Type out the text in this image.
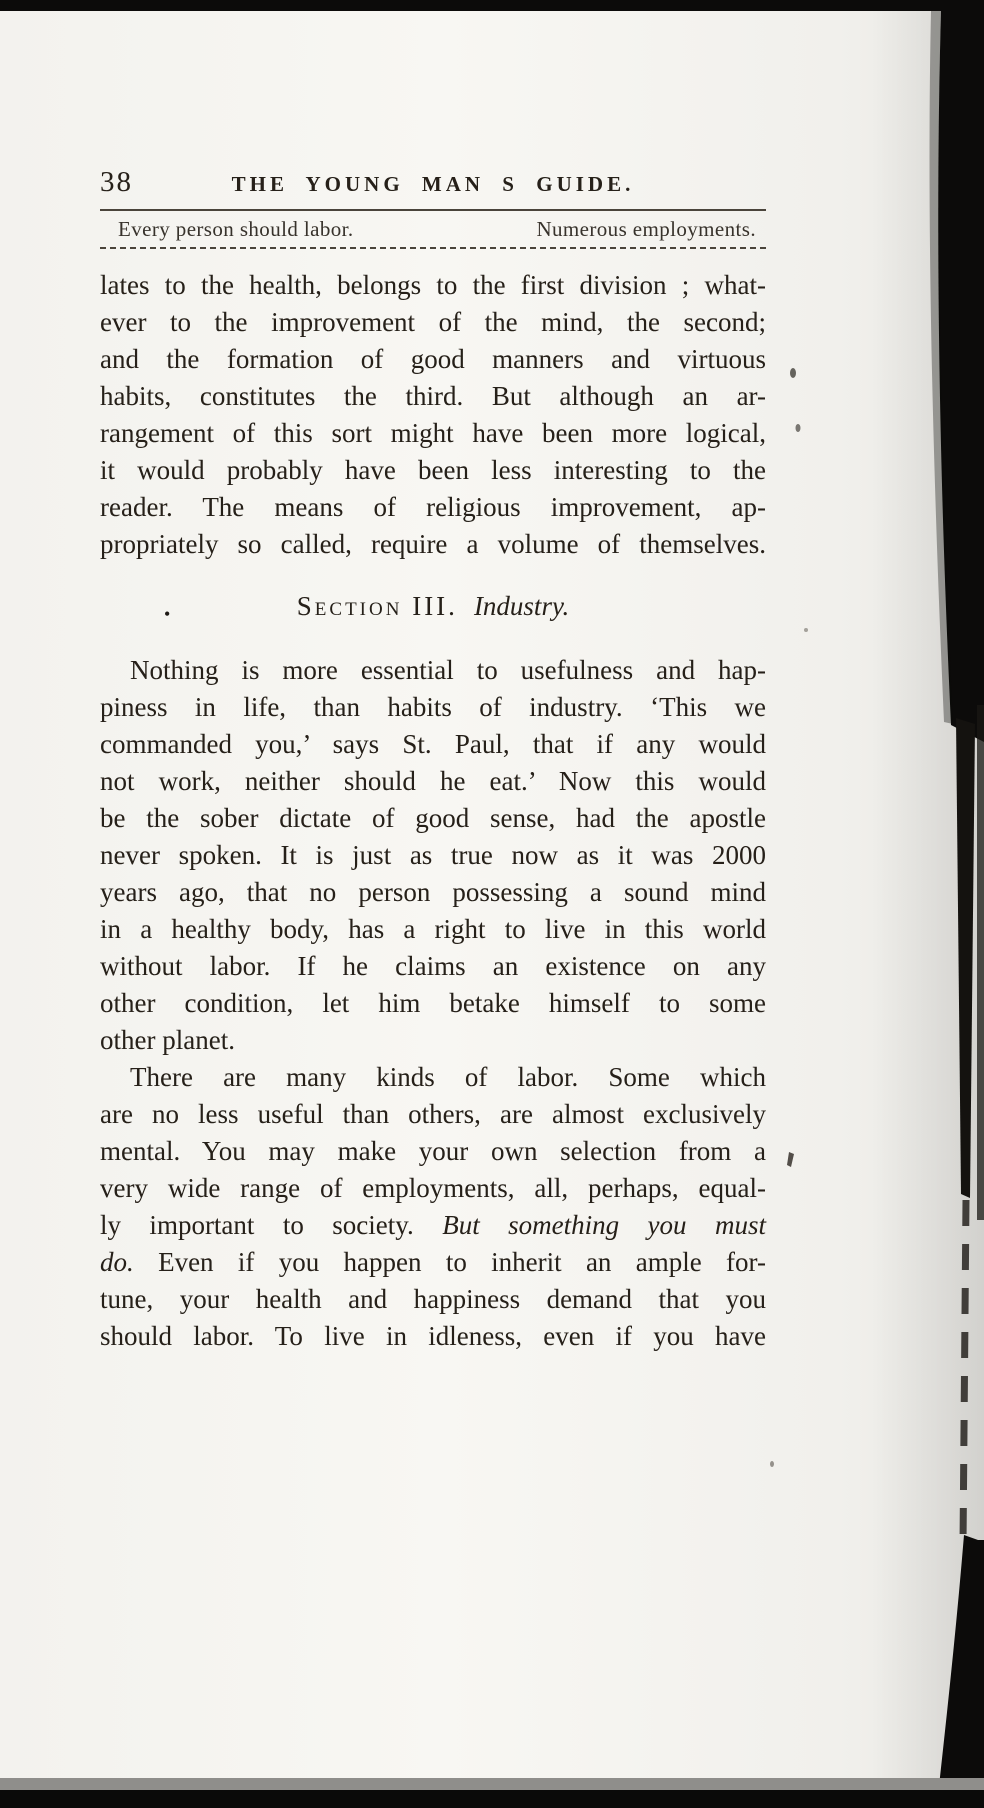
38	THE YOUNG MAN S GUIDE.
Every person should labor.	Numerous employments.
lates to the health, belongs to the first division ; what-
ever to the improvement of the mind, the second;
and the formation of good manners and virtuous
habits, constitutes the third. But although an ar-
rangement of this sort might have been more logical,
it would probably have been less interesting to the
reader. The means of religious improvement, ap-
propriately so called, require a volume of themselves.
•	Section III. Industry.
Nothing is more essential to usefulness and hap-
piness in life, than habits of industry. ‘This we
commanded you,’ says St. Paul, that if any would
not work, neither should he eat.’ Now this would
be the sober dictate of good sense, had the apostle
never spoken. It is just as true now as it was 2000
years ago, that no person possessing a sound mind
in a healthy body, has a right to live in this world
without labor. If he claims an existence on any
other condition, let him betake himself to some
other planet.
There are many kinds of labor. Some which
are no less useful than others, are almost exclusively
mental. You may make your own selection from a
very wide range of employments, all, perhaps, equal-
ly important to society. But something you must
do. Even if you happen to inherit an ample for-
tune, your health and happiness demand that you
should labor. To live in idleness, even if you have
